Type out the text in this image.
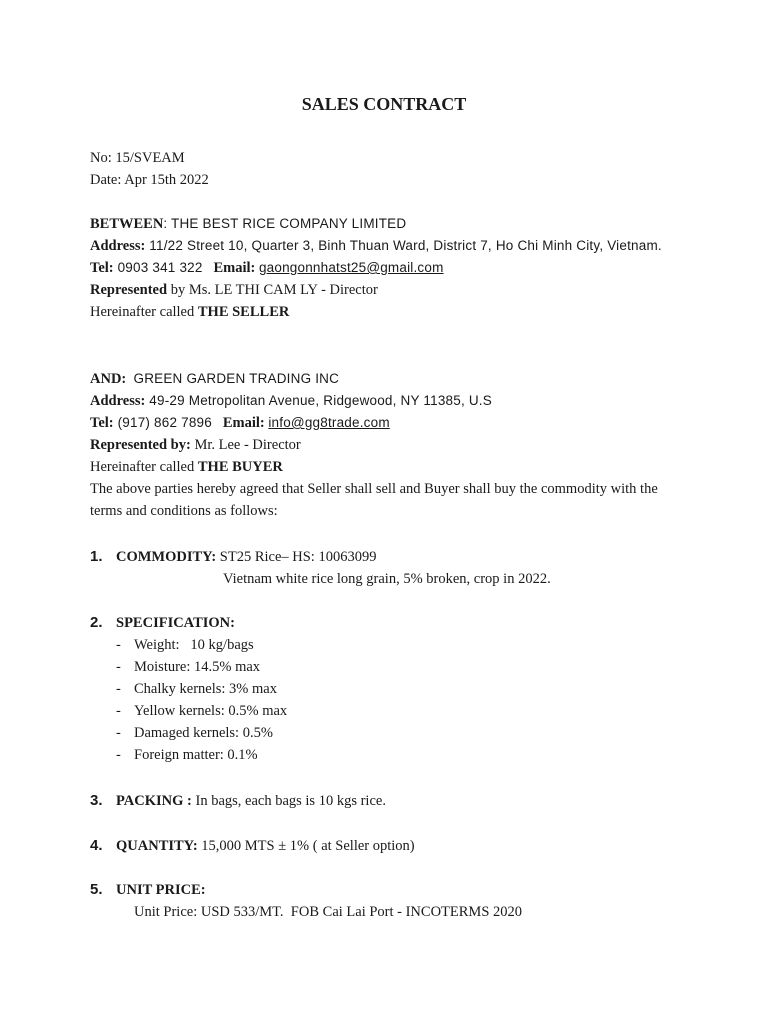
SALES CONTRACT
No: 15/SVEAM
Date: Apr 15th 2022
BETWEEN: THE BEST RICE COMPANY LIMITED
Address: 11/22 Street 10, Quarter 3, Binh Thuan Ward, District 7, Ho Chi Minh City, Vietnam.
Tel: 0903 341 322 Email: gaongonnhatst25@gmail.com
Represented by Ms. LE THI CAM LY - Director
Hereinafter called THE SELLER
AND: GREEN GARDEN TRADING INC
Address: 49-29 Metropolitan Avenue, Ridgewood, NY 11385, U.S
Tel: (917) 862 7896 Email: info@gg8trade.com
Represented by: Mr. Lee - Director
Hereinafter called THE BUYER
The above parties hereby agreed that Seller shall sell and Buyer shall buy the commodity with the terms and conditions as follows:
1. COMMODITY: ST25 Rice– HS: 10063099
Vietnam white rice long grain, 5% broken, crop in 2022.
2. SPECIFICATION:
- Weight:   10 kg/bags
- Moisture: 14.5% max
- Chalky kernels: 3% max
- Yellow kernels: 0.5% max
- Damaged kernels: 0.5%
- Foreign matter: 0.1%
3. PACKING : In bags, each bags is 10 kgs rice.
4. QUANTITY: 15,000 MTS ± 1% ( at Seller option)
5. UNIT PRICE:
Unit Price: USD 533/MT.  FOB Cai Lai Port - INCOTERMS 2020
